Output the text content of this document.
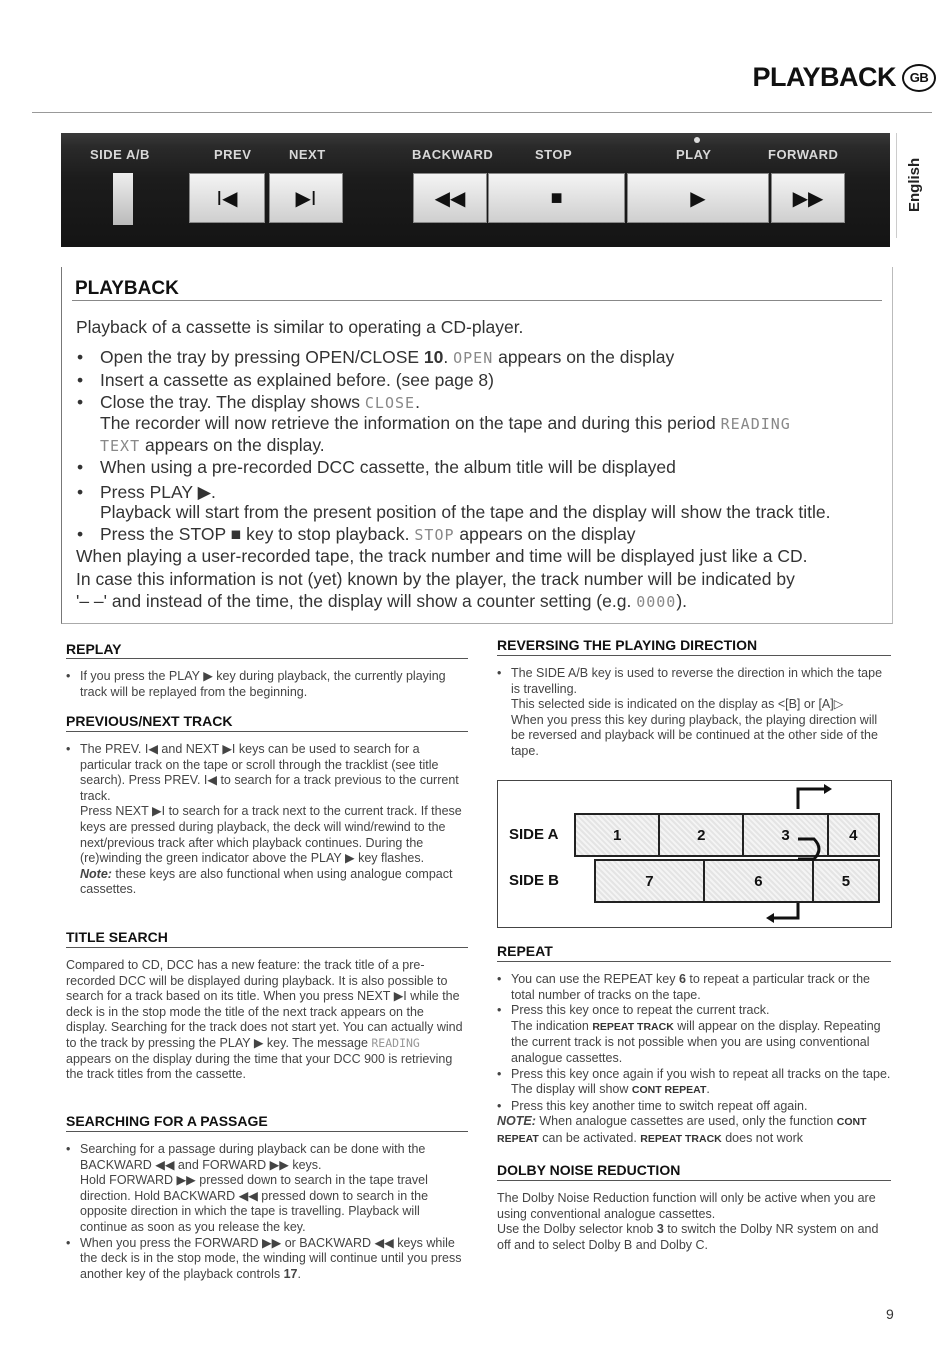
PLAYBACK	GB
SIDE A/B	PREV	NEXT	BACKWARD	STOP	PLAY	FORWARD
I◀	▶I	◀◀	■	▶	▶▶	English
PLAYBACK
Playback of a cassette is similar to operating a CD-player.
• Open the tray by pressing OPEN/CLOSE 10. OPEN appears on the display
• Insert a cassette as explained before. (see page 8)
• Close the tray. The display shows CLOSE.
The recorder will now retrieve the information on the tape and during this period READING
TEXT appears on the display.
• When using a pre-recorded DCC cassette, the album title will be displayed
• Press PLAY ▶.
Playback will start from the present position of the tape and the display will show the track title.
• Press the STOP ■ key to stop playback. STOP appears on the display
When playing a user-recorded tape, the track number and time will be displayed just like a CD.
In case this information is not (yet) known by the player, the track number will be indicated by
'– –' and instead of the time, the display will show a counter setting (e.g. 0000).
REPLAY

• If you press the PLAY ▶ key during playback, the currently playing track will be replayed from the beginning.

PREVIOUS/NEXT TRACK

• The PREV. I◀ and NEXT ▶I keys can be used to search for a particular track on the tape or scroll through the tracklist (see title search). Press PREV. I◀ to search for a track previous to the current track.

Press NEXT ▶I to search for a track next to the current track. If these keys are pressed during playback, the deck will wind/rewind to the next/previous track after which playback continues. During the (re)winding the green indicator above the PLAY ▶ key flashes.

Note: these keys are also functional when using analogue compact cassettes.

TITLE SEARCH

Compared to CD, DCC has a new feature: the track title of a pre-recorded DCC will be displayed during playback. It is also possible to search for a track based on its title. When you press NEXT ▶I while the deck is in the stop mode the title of the next track appears on the display. Searching for the track does not start yet. You can actually wind to the track by pressing the PLAY ▶ key. The message READING appears on the display during the time that your DCC 900 is retrieving the track titles from the cassette.

SEARCHING FOR A PASSAGE

• Searching for a passage during playback can be done with the BACKWARD ◀◀ and FORWARD ▶▶ keys.

Hold FORWARD ▶▶ pressed down to search in the tape travel direction. Hold BACKWARD ◀◀ pressed down to search in the opposite direction in which the tape is travelling. Playback will continue as soon as you release the key.

• When you press the FORWARD ▶▶ or BACKWARD ◀◀ keys while the deck is in the stop mode, the winding will continue until you press another key of the playback controls 17.

REVERSING THE PLAYING DIRECTION

• The SIDE A/B key is used to reverse the direction in which the tape is travelling.

This selected side is indicated on the display as <[B] or [A]▷

When you press this key during playback, the playing direction will be reversed and playback will be continued at the other side of the tape.

SIDE A
SIDE B
1	2	3	4
7	6	5
REPEAT

• You can use the REPEAT key 6 to repeat a particular track or the total number of tracks on the tape.

• Press this key once to repeat the current track.

The indication REPEAT TRACK will appear on the display. Repeating the current track is not possible when you are using conventional analogue cassettes.

• Press this key once again if you wish to repeat all tracks on the tape. The display will show CONT REPEAT.

• Press this key another time to switch repeat off again.

NOTE: When analogue cassettes are used, only the function CONT REPEAT can be activated. REPEAT TRACK does not work

DOLBY NOISE REDUCTION

The Dolby Noise Reduction function will only be active when you are using conventional analogue cassettes.

Use the Dolby selector knob 3 to switch the Dolby NR system on and off and to select Dolby B and Dolby C.

9
